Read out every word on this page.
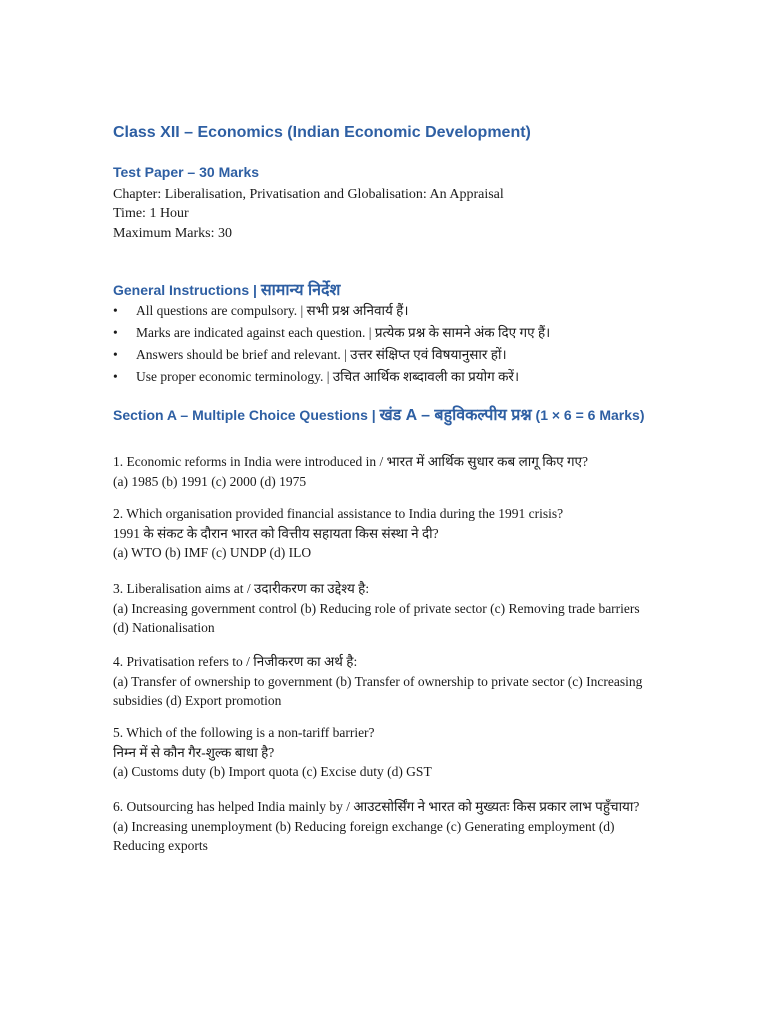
Class XII – Economics (Indian Economic Development)
Test Paper – 30 Marks
Chapter: Liberalisation, Privatisation and Globalisation: An Appraisal
Time: 1 Hour
Maximum Marks: 30
General Instructions | सामान्य निर्देश
• All questions are compulsory. | सभी प्रश्न अनिवार्य हैं।
• Marks are indicated against each question. | प्रत्येक प्रश्न के सामने अंक दिए गए हैं।
• Answers should be brief and relevant. | उत्तर संक्षिप्त एवं विषयानुसार हों।
• Use proper economic terminology. | उचित आर्थिक शब्दावली का प्रयोग करें।
Section A – Multiple Choice Questions | खंड A – बहुविकल्पीय प्रश्न (1 × 6 = 6 Marks)
1. Economic reforms in India were introduced in / भारत में आर्थिक सुधार कब लागू किए गए?
(a) 1985 (b) 1991 (c) 2000 (d) 1975
2. Which organisation provided financial assistance to India during the 1991 crisis?
1991 के संकट के दौरान भारत को वित्तीय सहायता किस संस्था ने दी?
(a) WTO (b) IMF (c) UNDP (d) ILO
3. Liberalisation aims at / उदारीकरण का उद्देश्य है:
(a) Increasing government control (b) Reducing role of private sector (c) Removing trade barriers (d) Nationalisation
4. Privatisation refers to / निजीकरण का अर्थ है:
(a) Transfer of ownership to government (b) Transfer of ownership to private sector (c) Increasing subsidies (d) Export promotion
5. Which of the following is a non-tariff barrier?
निम्न में से कौन गैर-शुल्क बाधा है?
(a) Customs duty (b) Import quota (c) Excise duty (d) GST
6. Outsourcing has helped India mainly by / आउटसोर्सिंग ने भारत को मुख्यतः किस प्रकार लाभ पहुँचाया?
(a) Increasing unemployment (b) Reducing foreign exchange (c) Generating employment (d) Reducing exports
